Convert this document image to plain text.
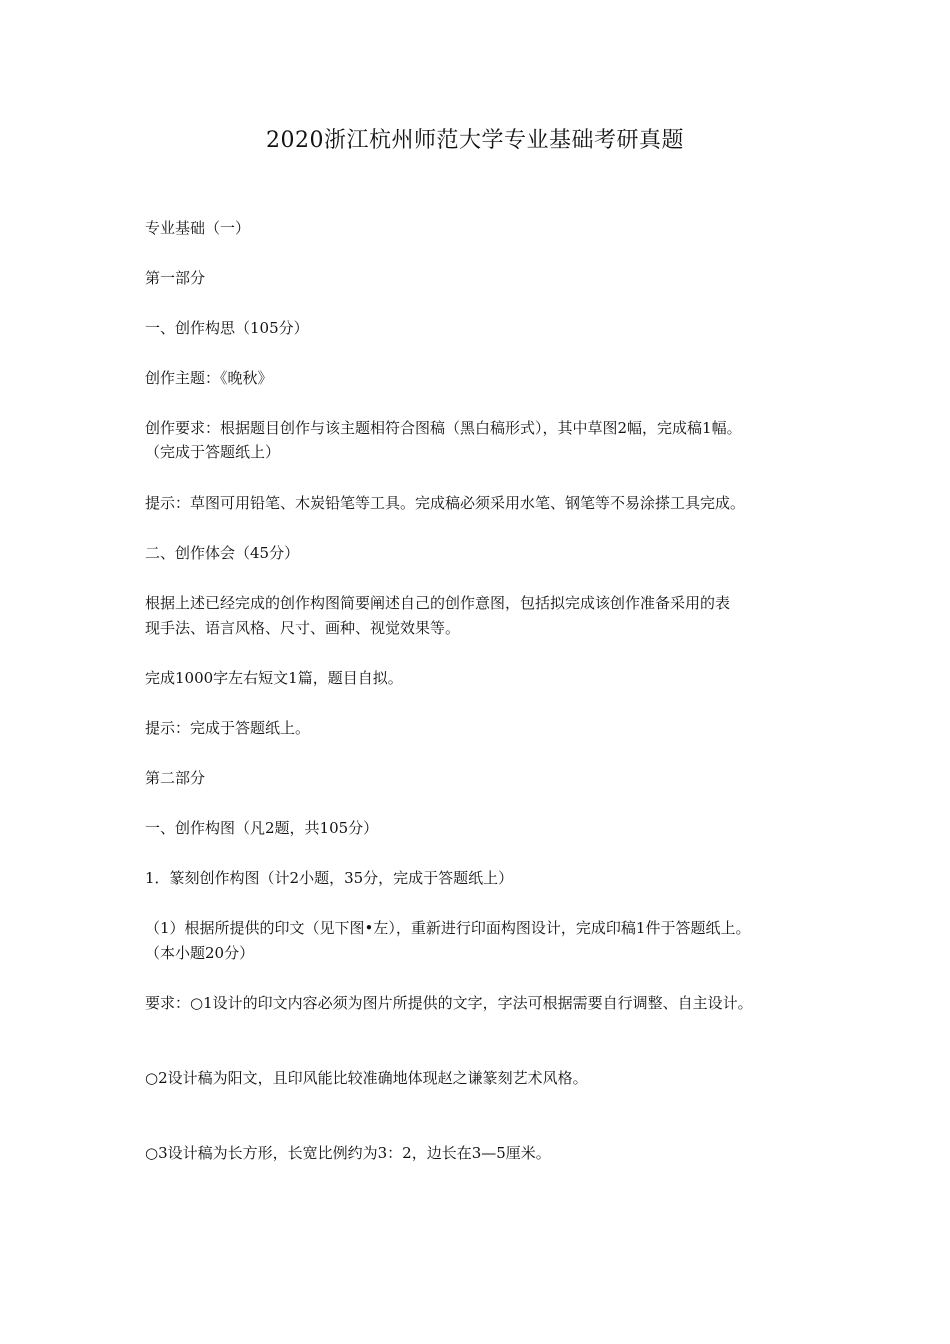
2020浙江杭州师范大学专业基础考研真题
专业基础（一）
第一部分
一、创作构思（105分）
创作主题：《晚秋》
创作要求：根据题目创作与该主题相符合图稿（黑白稿形式），其中草图2幅，完成稿1幅。
（完成于答题纸上）
提示：草图可用铅笔、木炭铅笔等工具。完成稿必须采用水笔、钢笔等不易涂搽工具完成。
二、创作体会（45分）
根据上述已经完成的创作构图简要阐述自己的创作意图，包括拟完成该创作准备采用的表
现手法、语言风格、尺寸、画种、视觉效果等。
完成1000字左右短文1篇，题目自拟。
提示：完成于答题纸上。
第二部分
一、创作构图（凡2题，共105分）
1．篆刻创作构图（计2小题，35分，完成于答题纸上）
（1）根据所提供的印文（见下图•左），重新进行印面构图设计，完成印稿1件于答题纸上。
（本小题20分）
要求：○1设计的印文内容必须为图片所提供的文字，字法可根据需要自行调整、自主设计。
○2设计稿为阳文，且印风能比较准确地体现赵之谦篆刻艺术风格。
○3设计稿为长方形，长宽比例约为3：2，边长在3—5厘米。
